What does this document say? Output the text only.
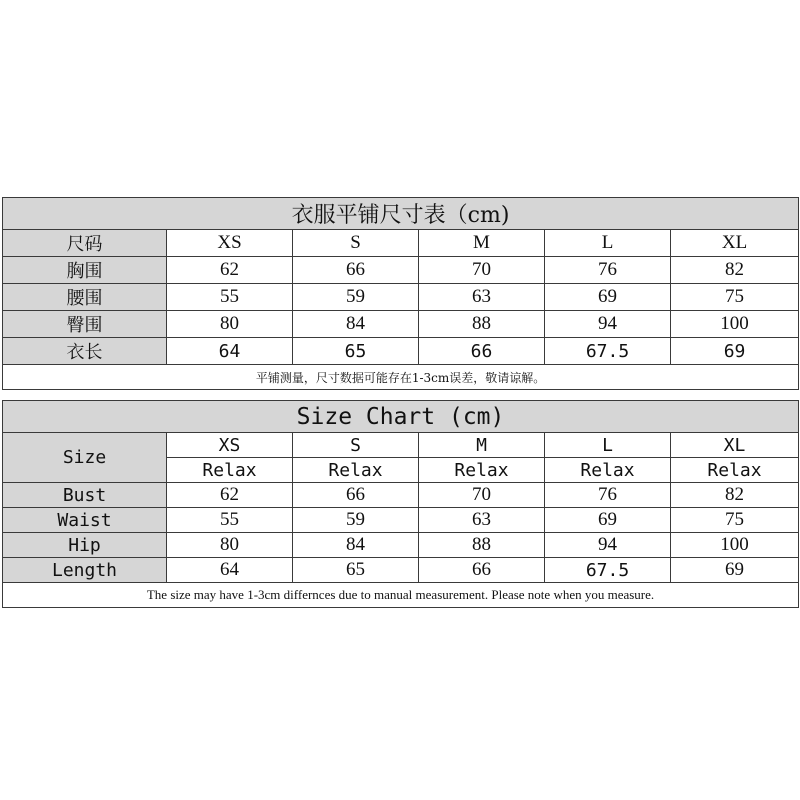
衣服平铺尺寸表（cm)					
尺码	XS	S	M	L	XL
胸围	62	66	70	76	82
腰围	55	59	63	69	75
臀围	80	84	88	94	100
衣长	64	65	66	67.5	69
平铺测量，尺寸数据可能存在1-3cm误差，敬请谅解。					
Size Chart (cm)					
Size	XS	S	M	L	XL
	Relax	Relax	Relax	Relax	Relax
Bust	62	66	70	76	82
Waist	55	59	63	69	75
Hip	80	84	88	94	100
Length	64	65	66	67.5	69
The size may have 1-3cm differnces due to manual measurement. Please note when you measure.					
